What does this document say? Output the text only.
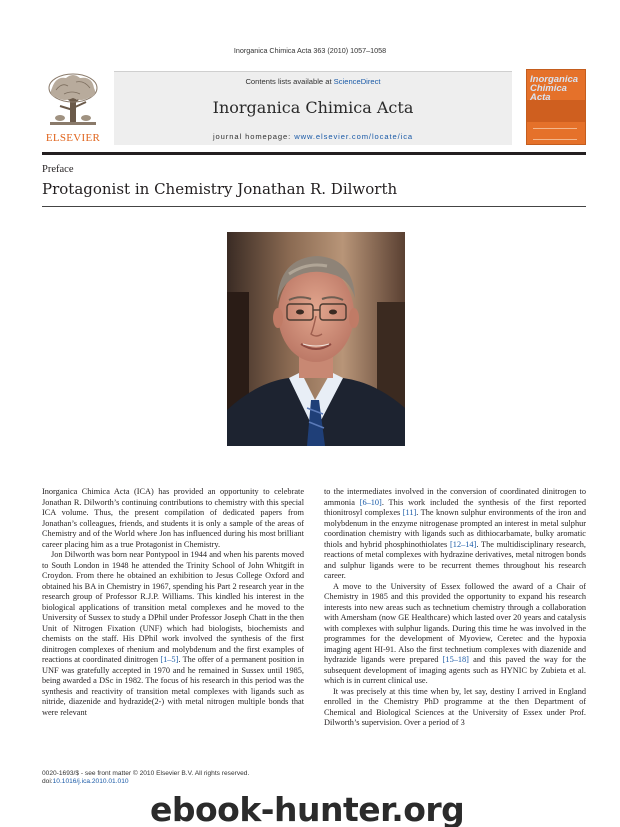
Inorganica Chimica Acta 363 (2010) 1057–1058
ELSEVIER
Contents lists available at ScienceDirect
Inorganica Chimica Acta
journal homepage: www.elsevier.com/locate/ica
Inorganica Chimica Acta
Preface
Protagonist in Chemistry Jonathan R. Dilworth

Inorganica Chimica Acta (ICA) has provided an opportunity to celebrate Jonathan R. Dilworth’s continuing contributions to chemistry with this special ICA volume. Thus, the present compilation of dedicated papers from Jonathan’s colleagues, friends, and students it is only a sample of the areas of Chemistry and of the World where Jon has influenced during his most brilliant career placing him as a true Protagonist in Chemistry.

Jon Dilworth was born near Pontypool in 1944 and when his parents moved to South London in 1948 he attended the Trinity School of John Whitgift in Croydon. From there he obtained an exhibition to Jesus College Oxford and obtained his BA in Chemistry in 1967, spending his Part 2 research year in the research group of Professor R.J.P. Williams. This kindled his interest in the biological applications of transition metal complexes and he moved to the University of Sussex to study a DPhil under Professor Joseph Chatt in the then Unit of Nitrogen Fixation (UNF) which had biologists, biochemists and chemists on the staff. His DPhil work involved the synthesis of the first dinitrogen complexes of rhenium and molybdenum and the first examples of reactions at coordinated dinitrogen [1–5]. The offer of a permanent position in UNF was gratefully accepted in 1970 and he remained in Sussex until 1985, being awarded a DSc in 1982. The focus of his research in this period was the synthesis and reactivity of transition metal complexes with ligands such as nitride, diazenide and hydrazide(2-) with metal nitrogen multiple bonds that were relevant

to the intermediates involved in the conversion of coordinated dinitrogen to ammonia [6–10]. This work included the synthesis of the first reported thionitrosyl complexes [11]. The known sulphur environments of the iron and molybdenum in the enzyme nitrogenase prompted an interest in metal sulphur coordination chemistry with ligands such as dithiocarbamate, bulky aromatic thiols and hybrid phosphinothiolates [12–14]. The multidisciplinary research, reactions of metal complexes with hydrazine derivatives, metal nitrogen bonds and sulphur ligands were to be recurrent themes throughout his research career.

A move to the University of Essex followed the award of a Chair of Chemistry in 1985 and this provided the opportunity to expand his research interests into new areas such as technetium chemistry through a collaboration with Amersham (now GE Healthcare) which lasted over 20 years and catalysis with complexes with sulphur ligands. During this time he was involved in the programmes for the development of Myoview, Ceretec and the hypoxia imaging agent HI-91. Also the first technetium complexes with diazenide and hydrazide ligands were prepared [15–18] and this paved the way for the subsequent development of imaging agents such as HYNIC by Zubieta et al. which is in current clinical use.

It was precisely at this time when by, let say, destiny I arrived in England enrolled in the Chemistry PhD programme at the then Department of Chemical and Biological Sciences at the University of Essex under Prof. Dilworth’s supervision. Over a period of 3

0020-1693/$ - see front matter © 2010 Elsevier B.V. All rights reserved.
doi:10.1016/j.ica.2010.01.010
ebook-hunter.org
